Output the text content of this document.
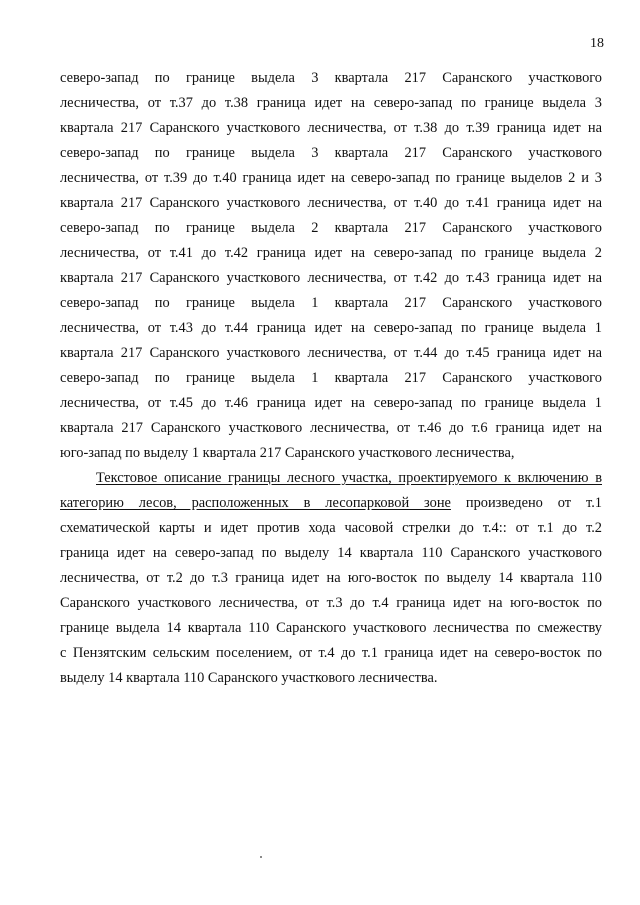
18
северо-запад по границе выдела 3 квартала 217 Саранского участкового
лесничества, от т.37 до т.38 граница идет на северо-запад по границе выдела 3
квартала 217 Саранского участкового лесничества, от т.38 до т.39 граница идет на
северо-запад по границе выдела 3 квартала 217 Саранского участкового
лесничества, от т.39 до т.40 граница идет на северо-запад по границе выделов 2 и 3
квартала 217 Саранского участкового лесничества, от т.40 до т.41 граница идет на
северо-запад по границе выдела 2 квартала 217 Саранского участкового
лесничества, от т.41 до т.42 граница идет на северо-запад по границе выдела 2
квартала 217 Саранского участкового лесничества, от т.42 до т.43 граница идет на
северо-запад по границе выдела 1 квартала 217 Саранского участкового
лесничества, от т.43 до т.44 граница идет на северо-запад по границе выдела 1
квартала 217 Саранского участкового лесничества, от т.44 до т.45 граница идет на
северо-запад по границе выдела 1 квартала 217 Саранского участкового
лесничества, от т.45 до т.46 граница идет на северо-запад по границе выдела 1
квартала 217 Саранского участкового лесничества, от т.46 до т.6 граница идет на
юго-запад по выделу 1 квартала 217 Саранского участкового лесничества,
Текстовое описание границы лесного участка, проектируемого к включению в
категорию лесов, расположенных в лесопарковой зоне произведено от т.1
схематической карты и идет против хода часовой стрелки до т.4:: от т.1 до т.2
граница идет на северо-запад по выделу 14 квартала 110 Саранского участкового
лесничества, от т.2 до т.3 граница идет на юго-восток по выделу 14 квартала 110
Саранского участкового лесничества, от т.3 до т.4 граница идет на юго-восток по
границе выдела 14 квартала 110 Саранского участкового лесничества по смежеству
с Пензятским сельским поселением, от т.4 до т.1 граница идет на северо-восток по
выделу 14 квартала 110 Саранского участкового лесничества.
